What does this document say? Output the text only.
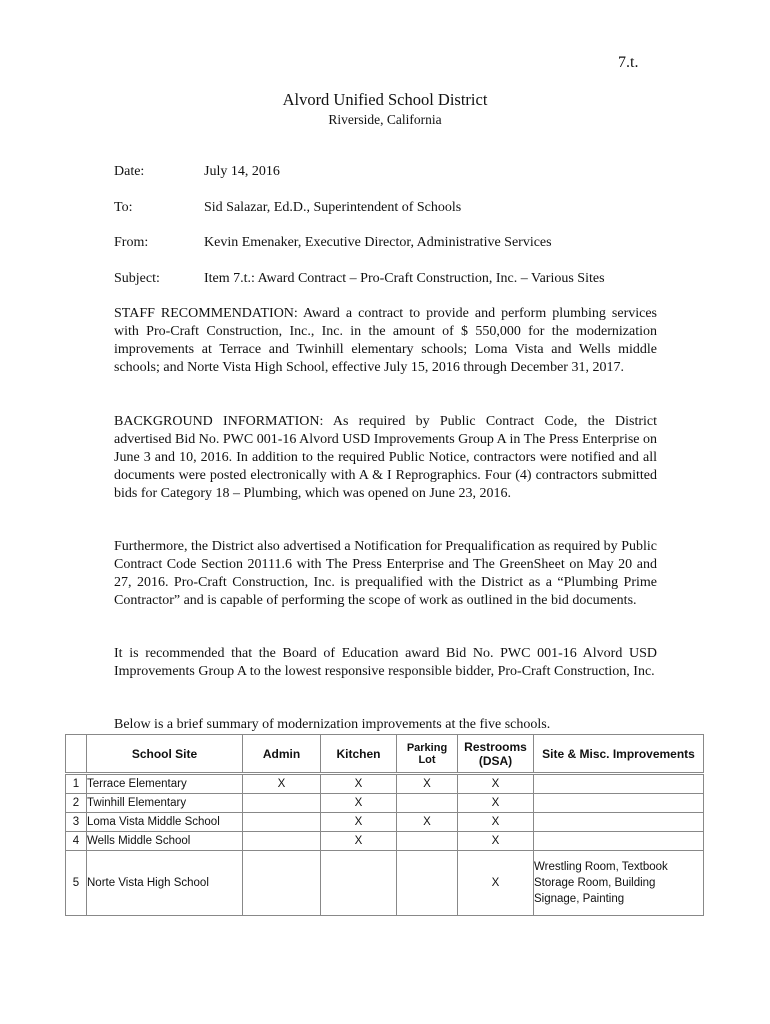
7.t.
Alvord Unified School District
Riverside, California
Date:	July 14, 2016
To:	Sid Salazar, Ed.D., Superintendent of Schools
From:	Kevin Emenaker, Executive Director, Administrative Services
Subject:	Item 7.t.: Award Contract – Pro-Craft Construction, Inc. – Various Sites

STAFF RECOMMENDATION: Award a contract to provide and perform plumbing services with Pro-Craft Construction, Inc., Inc. in the amount of $ 550,000 for the modernization improvements at Terrace and Twinhill elementary schools; Loma Vista and Wells middle schools; and Norte Vista High School, effective July 15, 2016 through December 31, 2017.

BACKGROUND INFORMATION: As required by Public Contract Code, the District advertised Bid No. PWC 001-16 Alvord USD Improvements Group A in The Press Enterprise on June 3 and 10, 2016. In addition to the required Public Notice, contractors were notified and all documents were posted electronically with A & I Reprographics. Four (4) contractors submitted bids for Category 18 – Plumbing, which was opened on June 23, 2016.

Furthermore, the District also advertised a Notification for Prequalification as required by Public Contract Code Section 20111.6 with The Press Enterprise and The GreenSheet on May 20 and 27, 2016. Pro-Craft Construction, Inc. is prequalified with the District as a “Plumbing Prime Contractor” and is capable of performing the scope of work as outlined in the bid documents.

It is recommended that the Board of Education award Bid No. PWC 001-16 Alvord USD Improvements Group A to the lowest responsive responsible bidder, Pro-Craft Construction, Inc.

Below is a brief summary of modernization improvements at the five schools.

	School Site	Admin	Kitchen	Parking Lot	Restrooms (DSA)	Site & Misc. Improvements
1	Terrace Elementary	X	X	X	X	
2	Twinhill Elementary		X		X	
3	Loma Vista Middle School		X	X	X	
4	Wells Middle School		X		X	
5	Norte Vista High School				X	Wrestling Room, Textbook Storage Room, Building Signage, Painting
